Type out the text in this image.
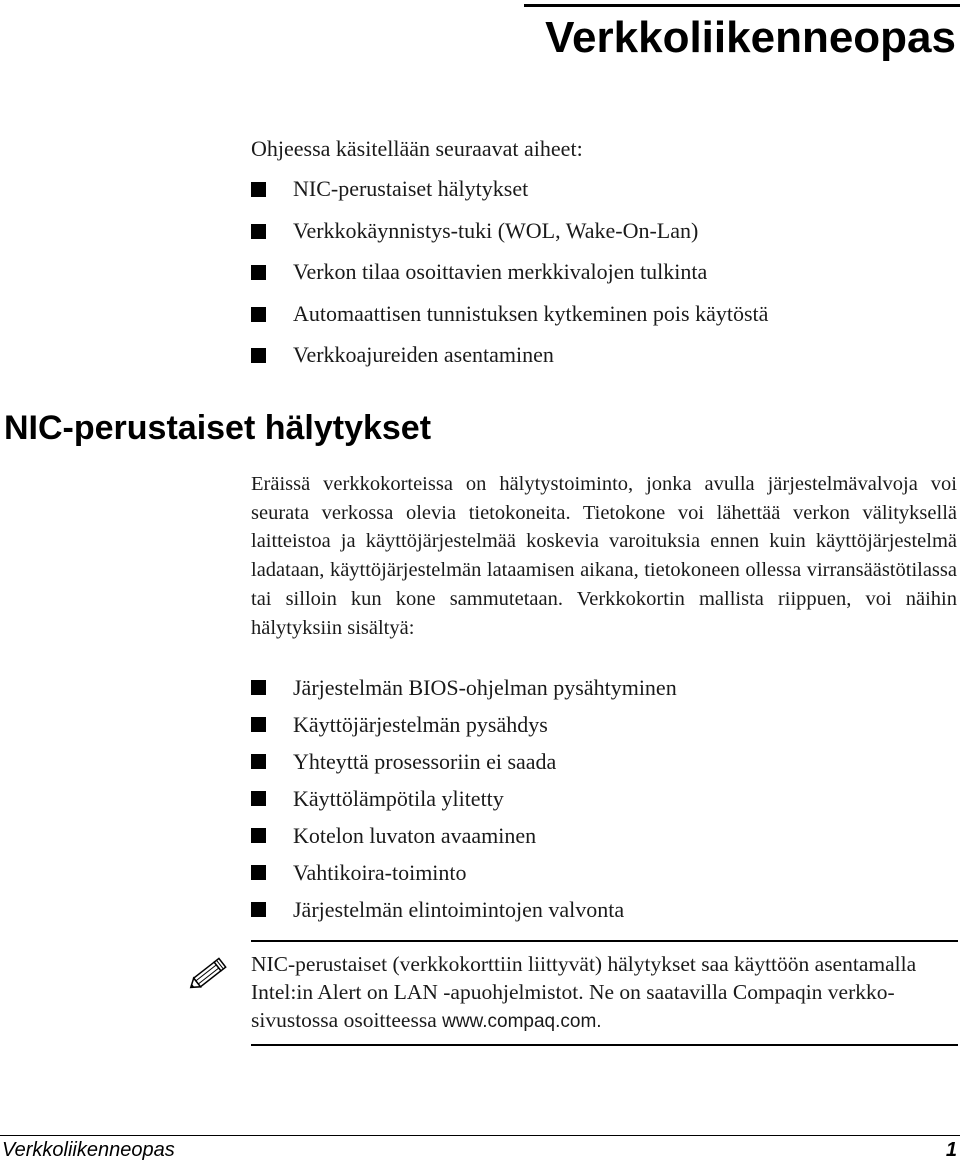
Verkkoliikenneopas

Ohjeessa käsitellään seuraavat aiheet:

NIC-perustaiset hälytykset
Verkkokäynnistys-tuki (WOL, Wake-On-Lan)
Verkon tilaa osoittavien merkkivalojen tulkinta
Automaattisen tunnistuksen kytkeminen pois käytöstä
Verkkoajureiden asentaminen
NIC-perustaiset hälytykset

Eräissä verkkokorteissa on hälytystoiminto, jonka avulla järjestelmävalvoja voi seurata verkossa olevia tietokoneita. Tietokone voi lähettää verkon välityksellä laitteistoa ja käyttöjärjestelmää koskevia varoituksia ennen kuin käyttöjärjestelmä ladataan, käyttöjärjestelmän lataamisen aikana, tietokoneen ollessa virransäästötilassa tai silloin kun kone sammutetaan. Verkkokortin mallista riippuen, voi näihin hälytyksiin sisältyä:

Järjestelmän BIOS-ohjelman pysähtyminen
Käyttöjärjestelmän pysähdys
Yhteyttä prosessoriin ei saada
Käyttölämpötila ylitetty
Kotelon luvaton avaaminen
Vahtikoira-toiminto
Järjestelmän elintoimintojen valvonta

NIC-perustaiset (verkkokorttiin liittyvät) hälytykset saa käyttöön asentamalla Intel:in Alert on LAN -apuohjelmistot. Ne on saatavilla Compaqin verkko-sivustossa osoitteessa www.compaq.com.

Verkkoliikenneopas	1
